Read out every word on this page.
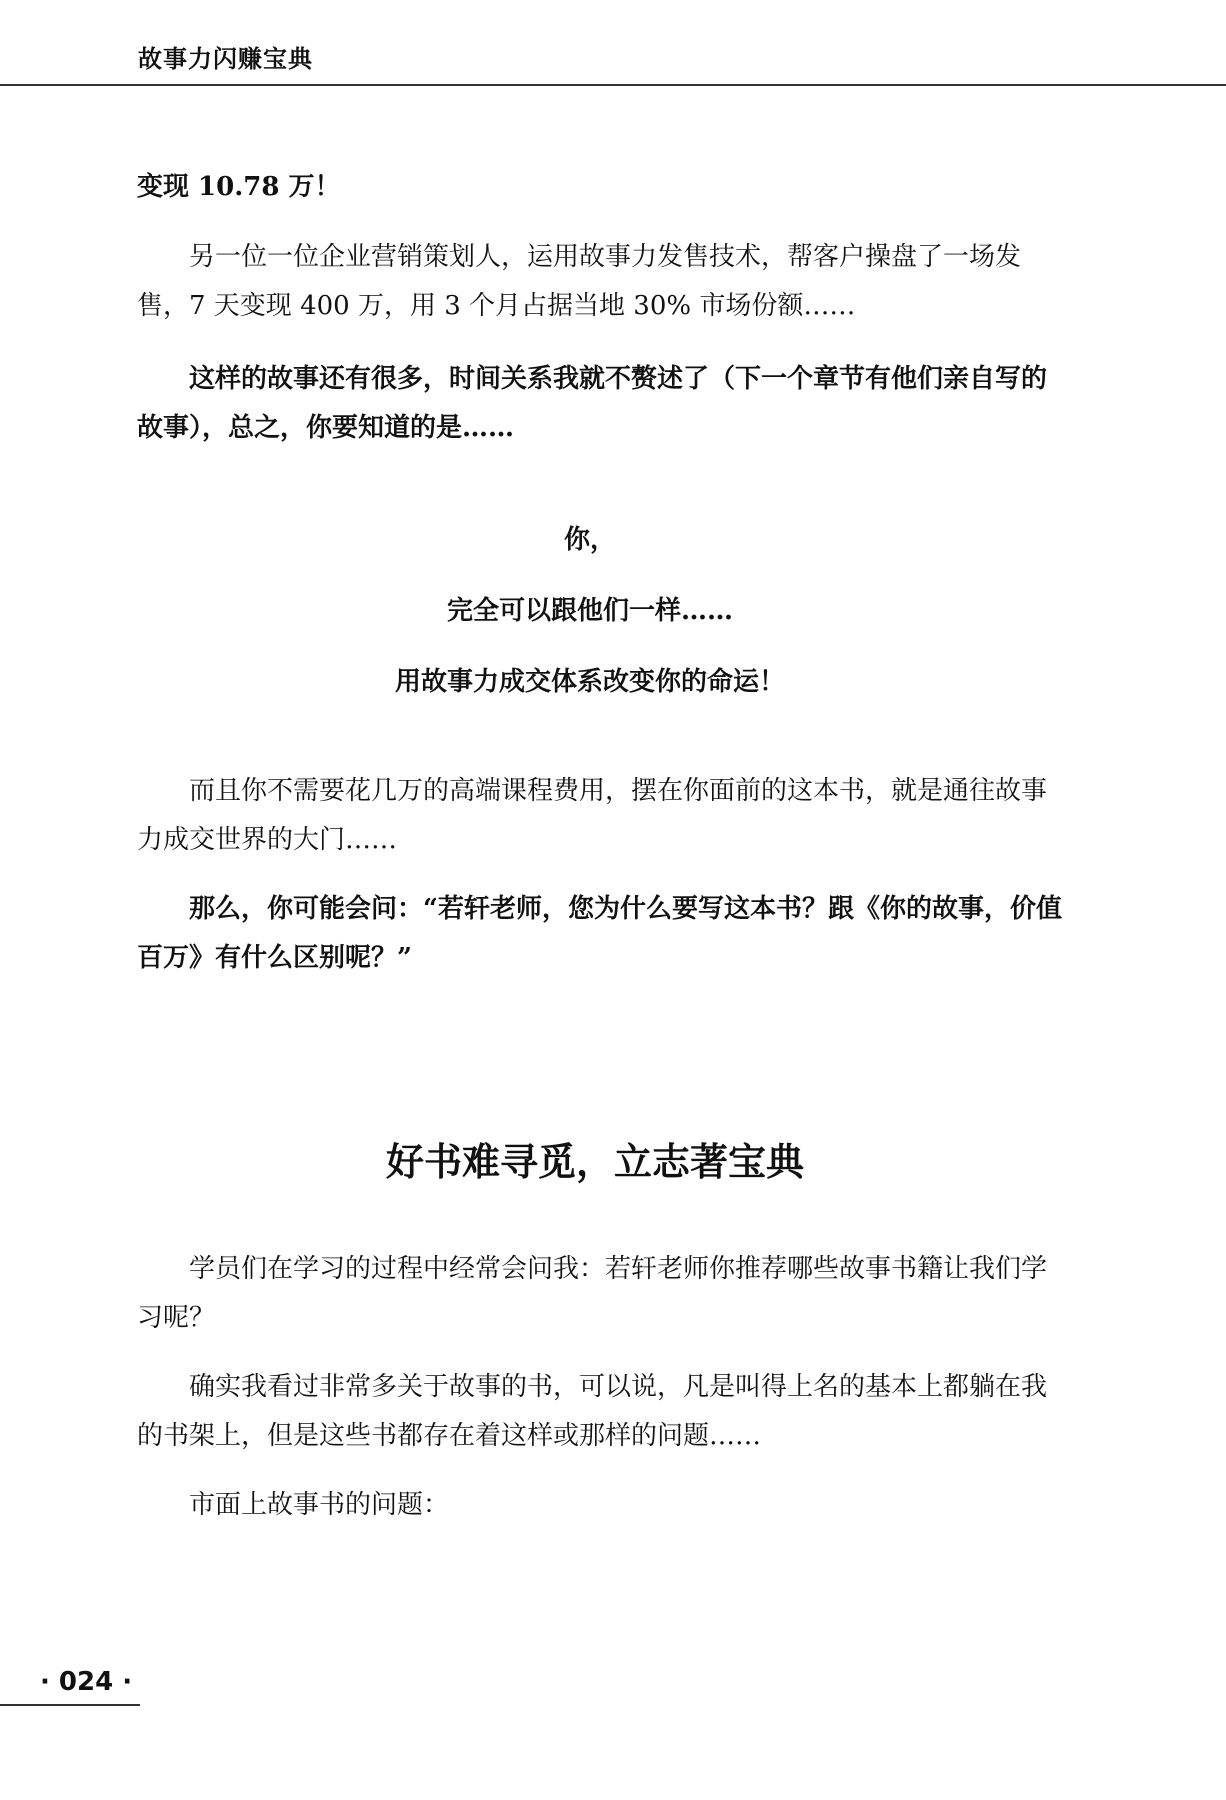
故事力闪赚宝典

变现 10.78 万！

另一位一位企业营销策划人，运用故事力发售技术，帮客户操盘了一场发售，7 天变现 400 万，用 3 个月占据当地 30% 市场份额……

这样的故事还有很多，时间关系我就不赘述了（下一个章节有他们亲自写的故事），总之，你要知道的是……

你，

完全可以跟他们一样……

用故事力成交体系改变你的命运！

而且你不需要花几万的高端课程费用，摆在你面前的这本书，就是通往故事力成交世界的大门……

那么，你可能会问：“若轩老师，您为什么要写这本书？跟《你的故事，价值百万》有什么区别呢？”

好书难寻觅，立志著宝典

学员们在学习的过程中经常会问我：若轩老师你推荐哪些故事书籍让我们学习呢？

确实我看过非常多关于故事的书，可以说，凡是叫得上名的基本上都躺在我的书架上，但是这些书都存在着这样或那样的问题……

市面上故事书的问题：

· 024 ·
